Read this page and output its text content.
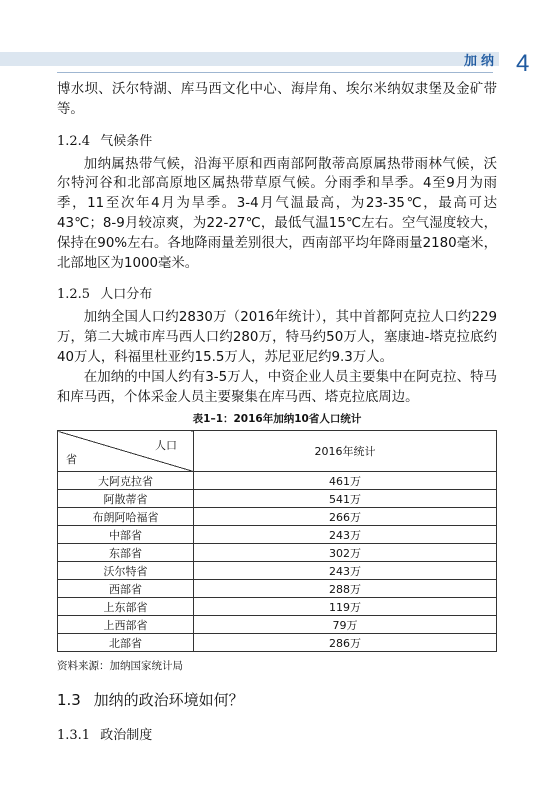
加纳 4

博水坝、沃尔特湖、库马西文化中心、海岸角、埃尔米纳奴隶堡及金矿带等。

1.2.4 气候条件

加纳属热带气候，沿海平原和西南部阿散蒂高原属热带雨林气候，沃尔特河谷和北部高原地区属热带草原气候。分雨季和旱季。4至9月为雨季，11至次年4月为旱季。3-4月气温最高，为23-35℃，最高可达43℃；8-9月较凉爽，为22-27℃，最低气温15℃左右。空气湿度较大，保持在90%左右。各地降雨量差别很大，西南部平均年降雨量2180毫米，北部地区为1000毫米。

1.2.5 人口分布

加纳全国人口约2830万（2016年统计），其中首都阿克拉人口约229万，第二大城市库马西人口约280万，特马约50万人，塞康迪-塔克拉底约40万人，科福里杜亚约15.5万人，苏尼亚尼约9.3万人。

在加纳的中国人约有3-5万人，中资企业人员主要集中在阿克拉、特马和库马西，个体采金人员主要聚集在库马西、塔克拉底周边。

表1–1：2016年加纳10省人口统计
人口
省	2016年统计
大阿克拉省	461万
阿散蒂省	541万
布朗阿哈福省	266万
中部省	243万
东部省	302万
沃尔特省	243万
西部省	288万
上东部省	119万
上西部省	79万
北部省	286万
资料来源：加纳国家统计局
1.3 加纳的政治环境如何？
1.3.1 政治制度
